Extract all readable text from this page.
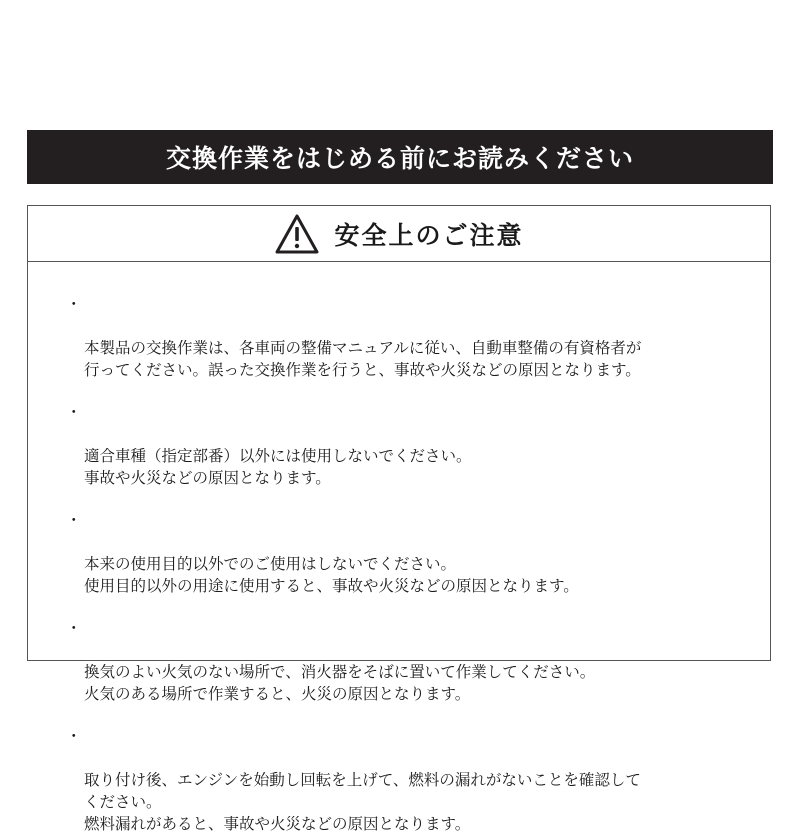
交換作業をはじめる前にお読みください
安全上のご注意

・

本製品の交換作業は、各車両の整備マニュアルに従い、自動車整備の有資格者が
行ってください。誤った交換作業を行うと、事故や火災などの原因となります。

・

適合車種（指定部番）以外には使用しないでください。
事故や火災などの原因となります。

・

本来の使用目的以外でのご使用はしないでください。
使用目的以外の用途に使用すると、事故や火災などの原因となります。

・

換気のよい火気のない場所で、消火器をそばに置いて作業してください。
火気のある場所で作業すると、火災の原因となります。

・

取り付け後、エンジンを始動し回転を上げて、燃料の漏れがないことを確認して
ください。
燃料漏れがあると、事故や火災などの原因となります。
